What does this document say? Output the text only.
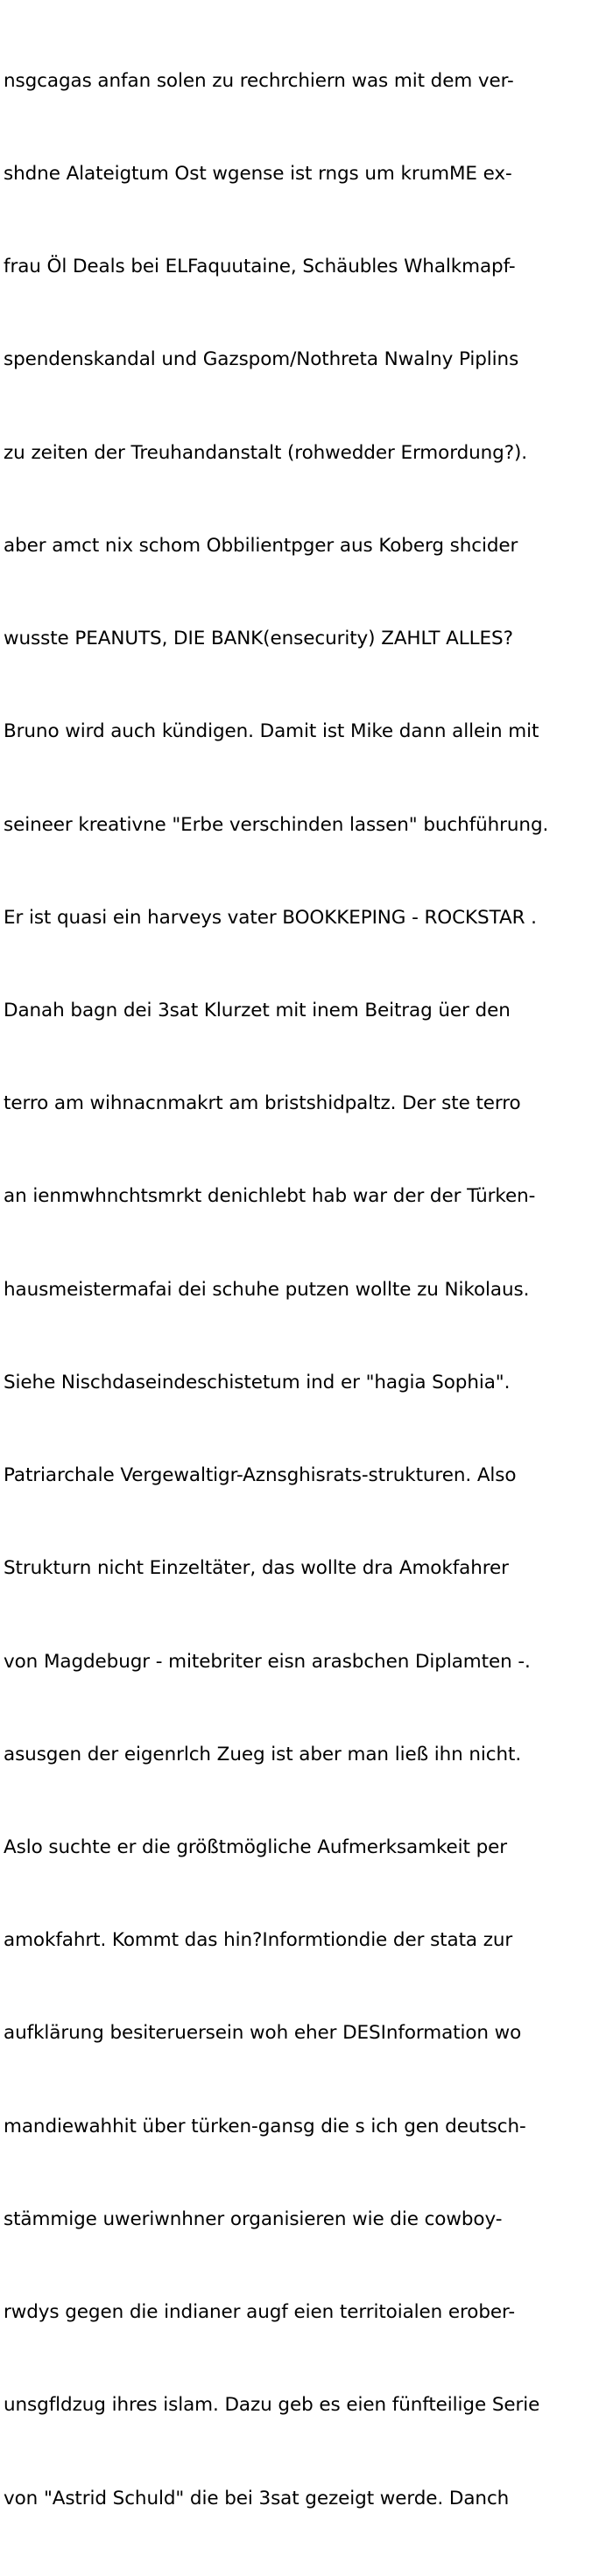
nsgcagas anfan solen zu rechrchiern was mit dem ver-

shdne Alateigtum Ost wgense ist rngs um krumME ex-

frau Öl Deals bei ELFaquutaine, Schäubles Whalkmapf-

spendenskandal und Gazspom/Nothreta Nwalny Piplins

zu zeiten der Treuhandanstalt (rohwedder Ermordung?).

aber amct nix schom Obbilientpger aus Koberg shcider

wusste PEANUTS, DIE BANK(ensecurity) ZAHLT ALLES?

Bruno wird auch kündigen. Damit ist Mike dann allein mit

seineer kreativne "Erbe verschinden lassen" buchführung.

Er ist quasi ein harveys vater BOOKKEPING - ROCKSTAR .

Danah bagn dei 3sat Klurzet mit inem Beitrag üer den

terro am wihnacnmakrt am bristshidpaltz. Der ste terro

an ienmwhnchtsmrkt denichlebt hab war der der Türken-

hausmeistermafai dei schuhe putzen wollte zu Nikolaus.

Siehe Nischdaseindeschistetum ind er "hagia Sophia".

Patriarchale Vergewaltigr-Aznsghisrats-strukturen. Also

Strukturn nicht Einzeltäter, das wollte dra Amokfahrer

von Magdebugr - mitebriter eisn arasbchen Diplamten -.

asusgen der eigenrlch Zueg ist aber man ließ ihn nicht.

Aslo suchte er die größtmögliche Aufmerksamkeit per

amokfahrt. Kommt das hin?Informtiondie der stata zur

aufklärung besiteruersein woh eher DESInformation wo

mandiewahhit über türken-gansg die s ich gen deutsch-

stämmige uweriwnhner organisieren wie die cowboy-

rwdys gegen die indianer augf eien territoialen erober-

unsgfldzug ihres islam. Dazu geb es eien fünfteilige Serie

von "Astrid Schuld" die bei 3sat gezeigt werde. Danch
